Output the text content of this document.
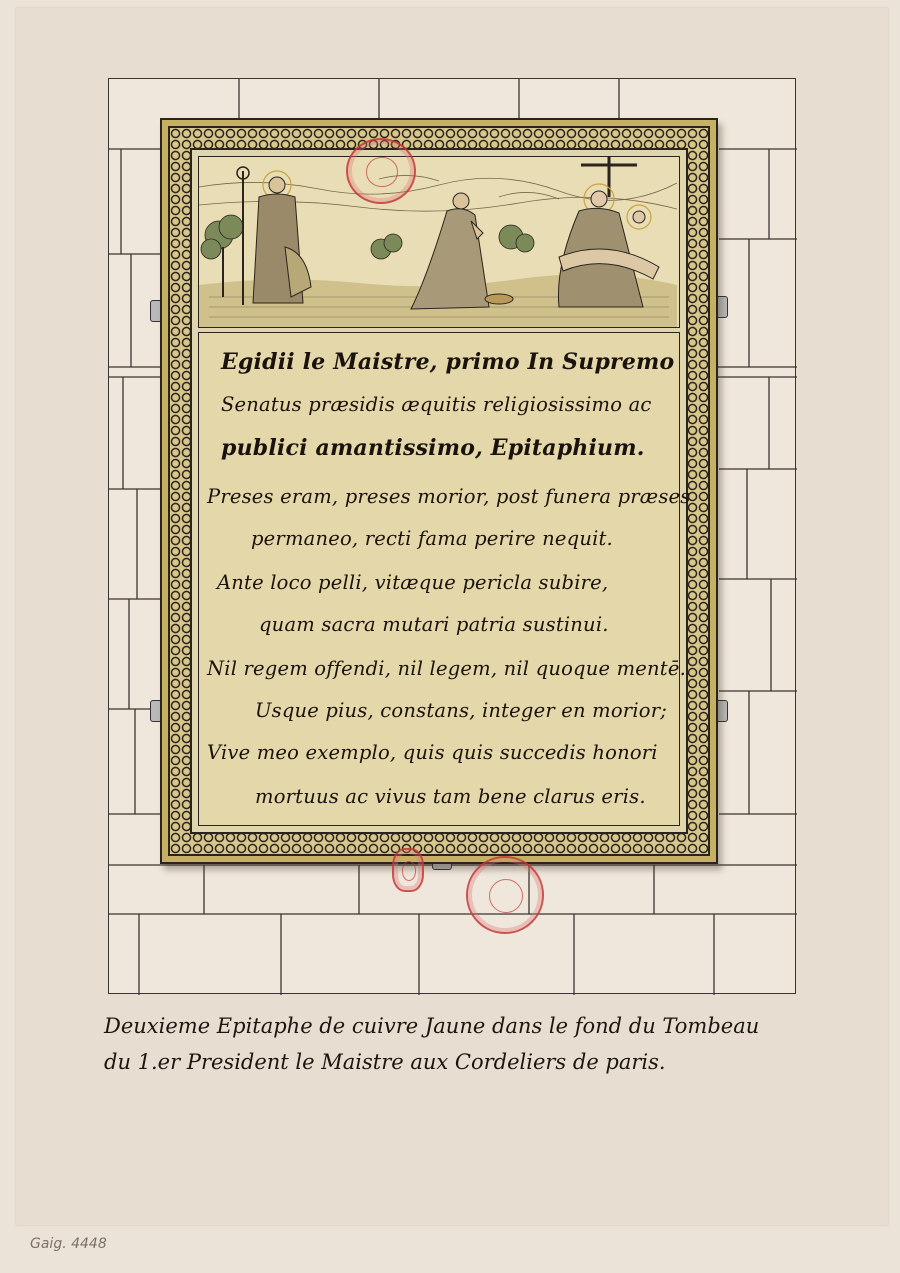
Egidii le Maistre, primo In Supremo
Senatus præsidis æquitis religiosissimo ac
publici amantissimo, Epitaphium.
Preses eram, preses morior, post funera præses
permaneo, recti fama perire nequit.
Ante loco pelli, vitæque pericla subire,
quam sacra mutari patria sustinui.
Nil regem offendi, nil legem, nil quoque mentē.
Usque pius, constans, integer en morior;
Vive meo exemplo, quis quis succedis honori
mortuus ac vivus tam bene clarus eris.
Deuxieme Epitaphe de cuivre Jaune dans le fond du Tombeau
du 1.er President le Maistre aux Cordeliers de paris.
Gaig. 4448
